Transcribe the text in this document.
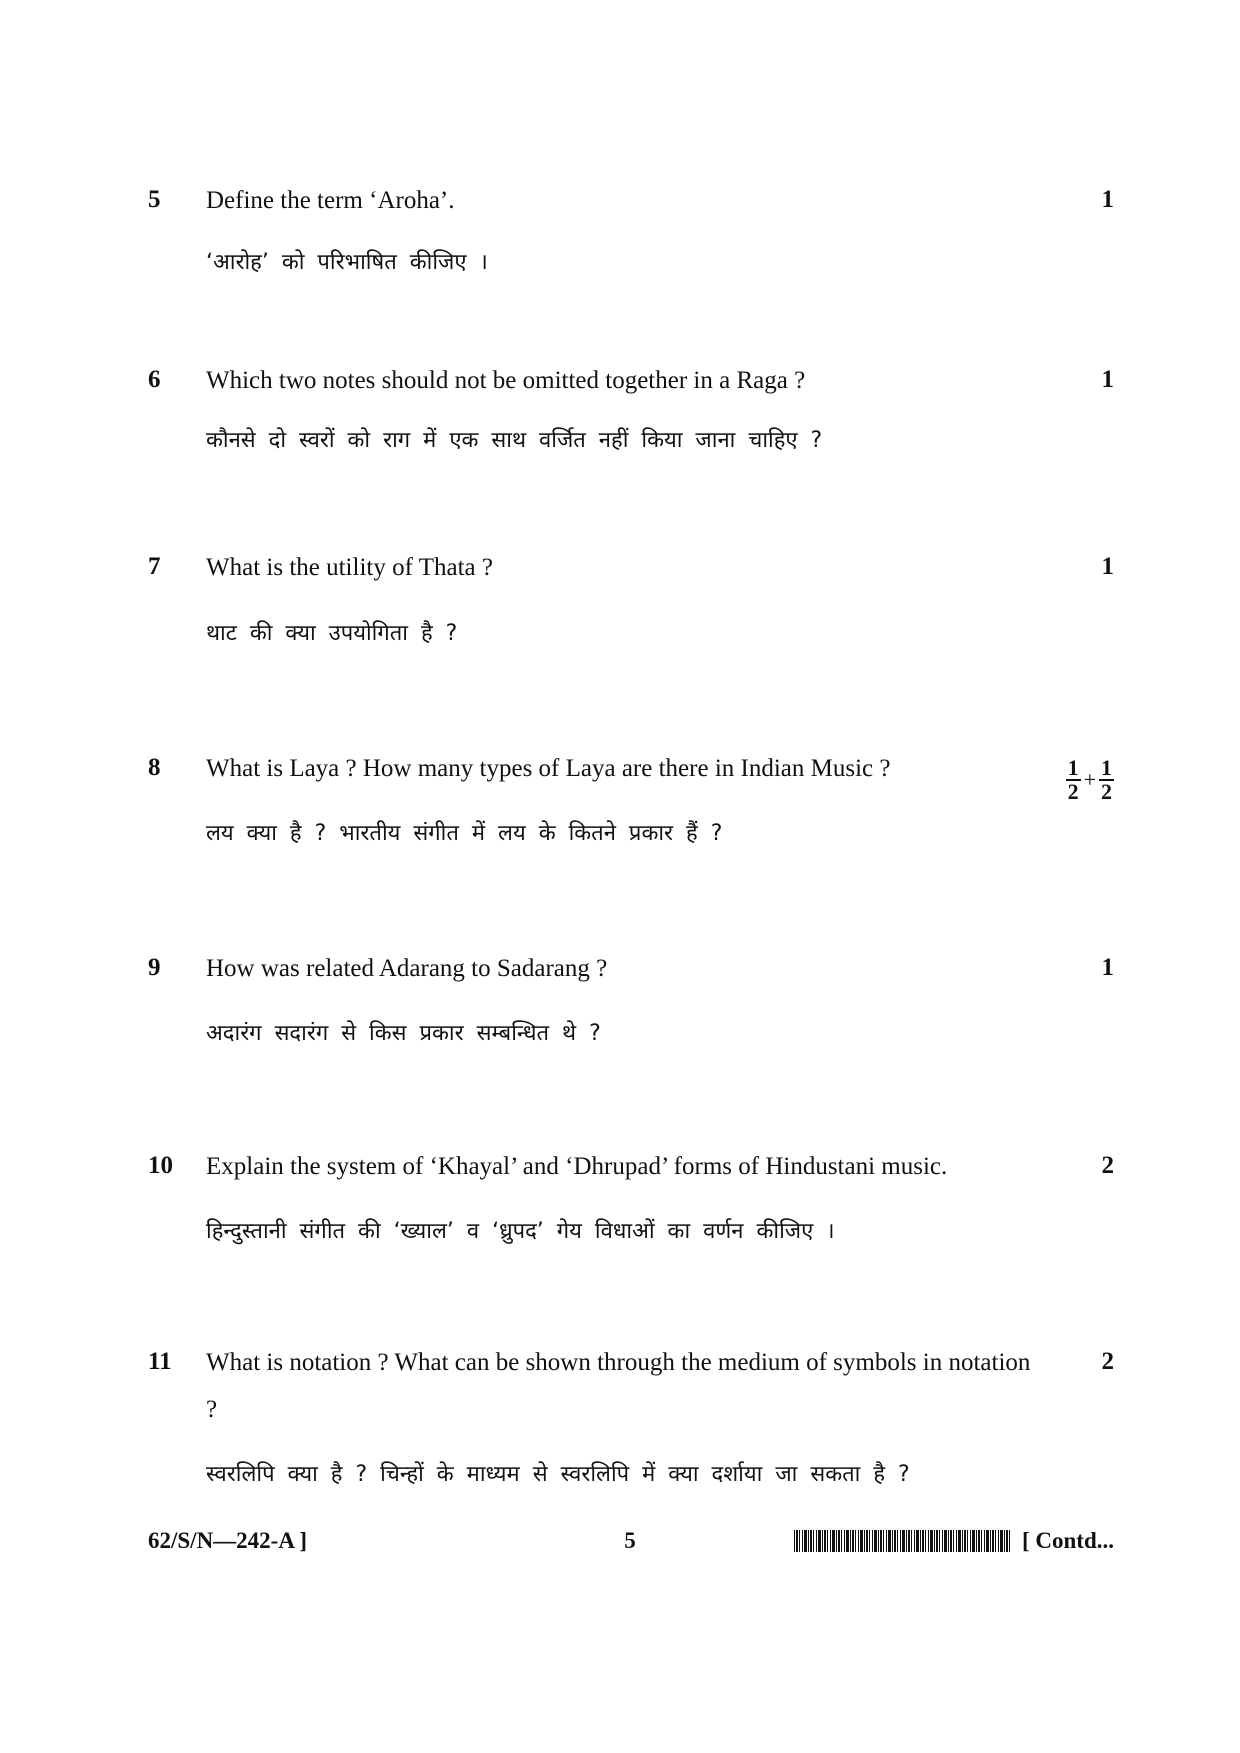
5 Define the term ‘Aroha’.	1
‘आरोह’ को परिभाषित कीजिए ।
6 Which two notes should not be omitted together in a Raga ?	1
कौनसे दो स्वरों को राग में एक साथ वर्जित नहीं किया जाना चाहिए ?
7 What is the utility of Thata ?	1
थाट की क्या उपयोगिता है ?
8 What is Laya ? How many types of Laya are there in Indian Music ?	$\frac{1}{2} + \frac{1}{2}$
लय क्या है ? भारतीय संगीत में लय के कितने प्रकार हैं ?
9 How was related Adarang to Sadarang ?	1
अदारंग सदारंग से किस प्रकार सम्बन्धित थे ?
10 Explain the system of ‘Khayal’ and ‘Dhrupad’ forms of Hindustani music.	2
हिन्दुस्तानी संगीत की ‘ख्याल’ व ‘ध्रुपद’ गेय विधाओं का वर्णन कीजिए ।
11 What is notation ? What can be shown through the medium of symbols in notation ?
2
स्वरलिपि क्या है ? चिन्हों के माध्यम से स्वरलिपि में क्या दर्शाया जा सकता है ?
62/S/N—242-A ]	5	[ Contd...
